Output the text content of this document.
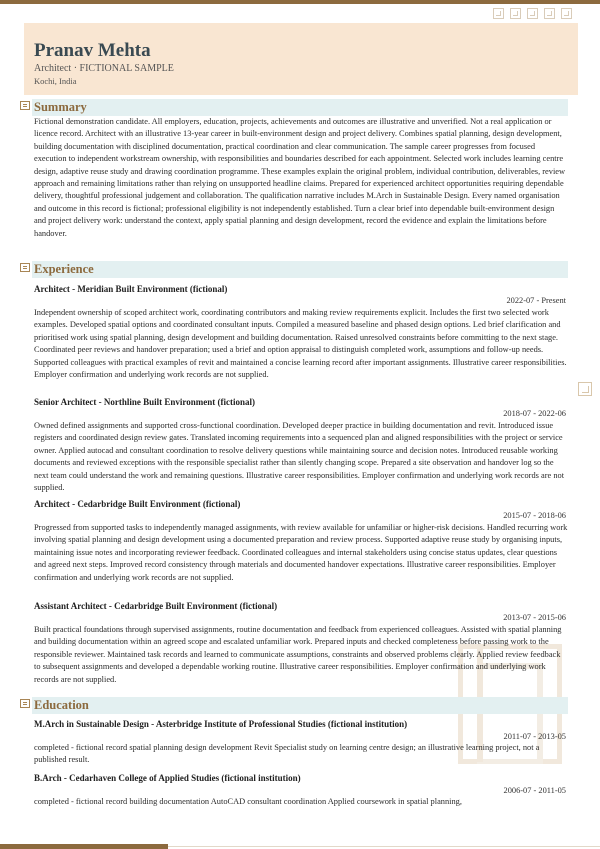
Pranav Mehta
Architect · FICTIONAL SAMPLE
Kochi, India
Summary

Fictional demonstration candidate. All employers, education, projects, achievements and outcomes are illustrative and unverified. Not a real application or licence record. Architect with an illustrative 13-year career in built-environment design and project delivery. Combines spatial planning, design development, building documentation with disciplined documentation, practical coordination and clear communication. The sample career progresses from focused execution to independent workstream ownership, with responsibilities and boundaries described for each appointment. Selected work includes learning centre design, adaptive reuse study and drawing coordination programme. These examples explain the original problem, individual contribution, deliverables, review approach and remaining limitations rather than relying on unsupported headline claims. Prepared for experienced architect opportunities requiring dependable delivery, thoughtful professional judgement and collaboration. The qualification narrative includes M.Arch in Sustainable Design. Every named organisation and outcome in this record is fictional; professional eligibility is not independently established. Turn a clear brief into dependable built-environment design and project delivery work: understand the context, apply spatial planning and design development, record the evidence and explain the limitations before handover.

Experience
Architect - Meridian Built Environment (fictional)
2022-07 - Present

Independent ownership of scoped architect work, coordinating contributors and making review requirements explicit. Includes the first two selected work examples. Developed spatial options and coordinated consultant inputs. Compiled a measured baseline and phased design options. Led brief clarification and prioritised work using spatial planning, design development and building documentation. Raised unresolved constraints before committing to the next stage. Coordinated peer reviews and handover preparation; used a brief and option appraisal to distinguish completed work, assumptions and follow-up needs. Supported colleagues with practical examples of revit and maintained a concise learning record after important assignments. Illustrative career responsibilities. Employer confirmation and underlying work records are not supplied.

Senior Architect - Northline Built Environment (fictional)
2018-07 - 2022-06

Owned defined assignments and supported cross-functional coordination. Developed deeper practice in building documentation and revit. Introduced issue registers and coordinated design review gates. Translated incoming requirements into a sequenced plan and aligned responsibilities with the project or service owner. Applied autocad and consultant coordination to resolve delivery questions while maintaining source and decision notes. Introduced reusable working documents and reviewed exceptions with the responsible specialist rather than silently changing scope. Prepared a site observation and handover log so the next team could understand the work and remaining questions. Illustrative career responsibilities. Employer confirmation and underlying work records are not supplied.

Architect - Cedarbridge Built Environment (fictional)
2015-07 - 2018-06

Progressed from supported tasks to independently managed assignments, with review available for unfamiliar or higher-risk decisions. Handled recurring work involving spatial planning and design development using a documented preparation and review process. Supported adaptive reuse study by organising inputs, maintaining issue notes and incorporating reviewer feedback. Coordinated colleagues and internal stakeholders using concise status updates, clear questions and agreed next steps. Improved record consistency through materials and documented handover expectations. Illustrative career responsibilities. Employer confirmation and underlying work records are not supplied.

Assistant Architect - Cedarbridge Built Environment (fictional)
2013-07 - 2015-06

Built practical foundations through supervised assignments, routine documentation and feedback from experienced colleagues. Assisted with spatial planning and building documentation within an agreed scope and escalated unfamiliar work. Prepared inputs and checked completeness before passing work to the responsible reviewer. Maintained task records and learned to communicate assumptions, constraints and observed problems clearly. Applied review feedback to subsequent assignments and developed a dependable working routine. Illustrative career responsibilities. Employer confirmation and underlying work records are not supplied.

Education
M.Arch in Sustainable Design - Asterbridge Institute of Professional Studies (fictional institution)
2011-07 - 2013-05

completed - fictional record spatial planning design development Revit Specialist study on learning centre design; an illustrative learning project, not a published result.

B.Arch - Cedarhaven College of Applied Studies (fictional institution)
2006-07 - 2011-05

completed - fictional record building documentation AutoCAD consultant coordination Applied coursework in spatial planning,
